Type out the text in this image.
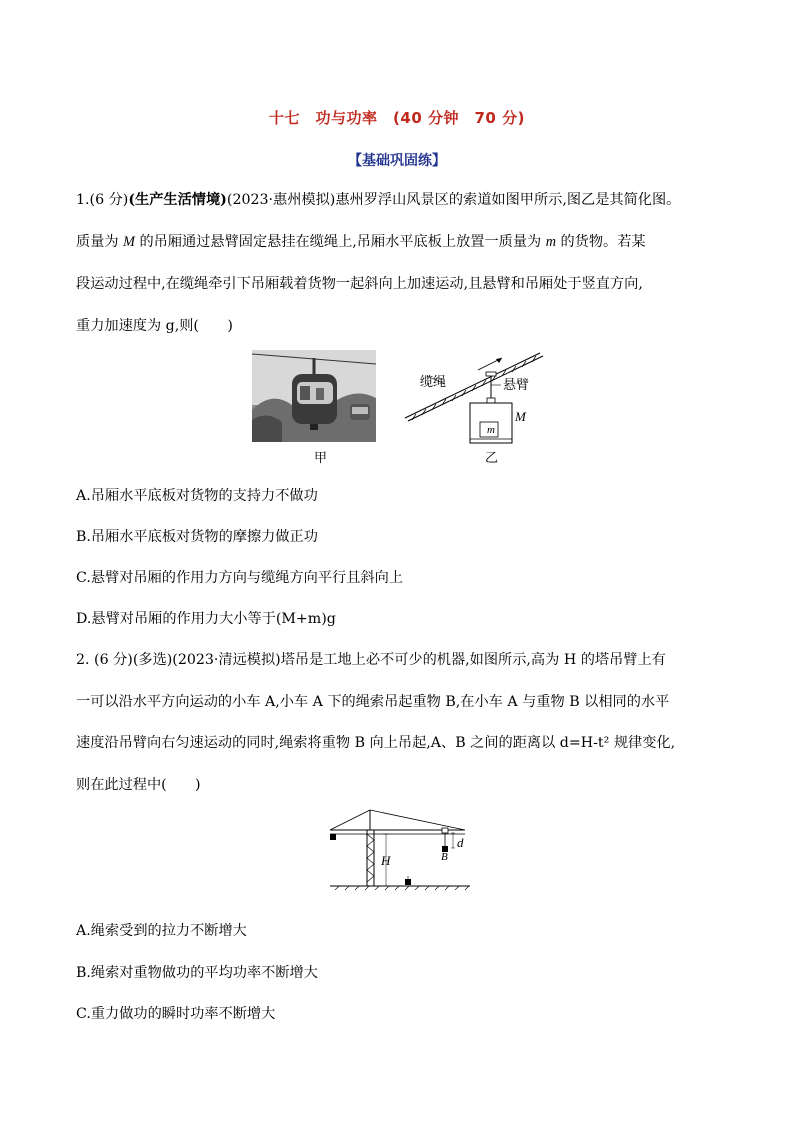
十七　功与功率　(40 分钟　70 分)
【基础巩固练】
1.(6 分)(生产生活情境)(2023·惠州模拟)惠州罗浮山风景区的索道如图甲所示,图乙是其简化图。
质量为 M 的吊厢通过悬臂固定悬挂在缆绳上,吊厢水平底板上放置一质量为 m 的货物。若某
段运动过程中,在缆绳牵引下吊厢载着货物一起斜向上加速运动,且悬臂和吊厢处于竖直方向,
重力加速度为 g,则(　　)
甲
缆绳	悬臂
M
m
乙
A.吊厢水平底板对货物的支持力不做功
B.吊厢水平底板对货物的摩擦力做正功
C.悬臂对吊厢的作用力方向与缆绳方向平行且斜向上
D.悬臂对吊厢的作用力大小等于(M+m)g
2. (6 分)(多选)(2023·清远模拟)塔吊是工地上必不可少的机器,如图所示,高为 H 的塔吊臂上有
一可以沿水平方向运动的小车 A,小车 A 下的绳索吊起重物 B,在小车 A 与重物 B 以相同的水平
速度沿吊臂向右匀速运动的同时,绳索将重物 B 向上吊起,A、B 之间的距离以 d=H-t² 规律变化,
则在此过程中(　　)
H
d
B
A.绳索受到的拉力不断增大
B.绳索对重物做功的平均功率不断增大
C.重力做功的瞬时功率不断增大
